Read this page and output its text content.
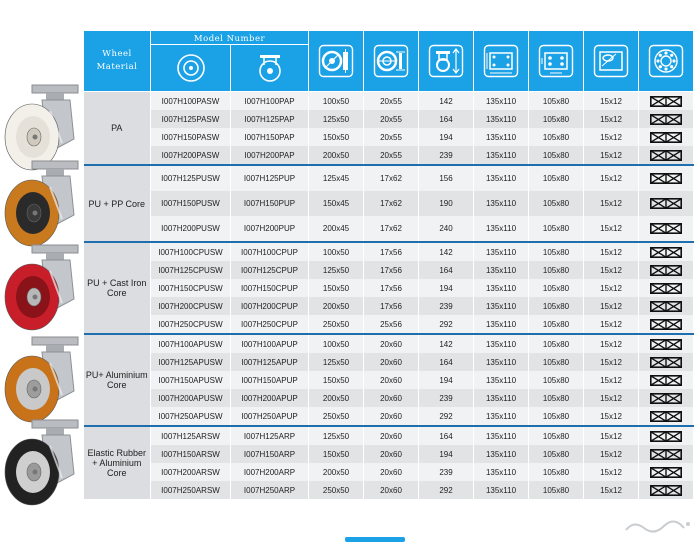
Wheel
Material	Model Number	

PA	I007H100PASW	I007H100PAP	100x50	20x55	142	135x110	105x80	15x12	
	I007H125PASW	I007H125PAP	125x50	20x55	164	135x110	105x80	15x12	
	I007H150PASW	I007H150PAP	150x50	20x55	194	135x110	105x80	15x12	
	I007H200PASW	I007H200PAP	200x50	20x55	239	135x110	105x80	15x12	

PU + PP Core	I007H125PUSW	I007H125PUP	125x45	17x62	156	135x110	105x80	15x12	
	I007H150PUSW	I007H150PUP	150x45	17x62	190	135x110	105x80	15x12	
	I007H200PUSW	I007H200PUP	200x45	17x62	240	135x110	105x80	15x12	

PU + Cast Iron Core	I007H100CPUSW	I007H100CPUP	100x50	17x56	142	135x110	105x80	15x12	
	I007H125CPUSW	I007H125CPUP	125x50	17x56	164	135x110	105x80	15x12	
	I007H150CPUSW	I007H150CPUP	150x50	17x56	194	135x110	105x80	15x12	
	I007H200CPUSW	I007H200CPUP	200x50	17x56	239	135x110	105x80	15x12	
	I007H250CPUSW	I007H250CPUP	250x50	25x56	292	135x110	105x80	15x12	

PU+ Aluminium Core	I007H100APUSW	I007H100APUP	100x50	20x60	142	135x110	105x80	15x12	
	I007H125APUSW	I007H125APUP	125x50	20x60	164	135x110	105x80	15x12	
	I007H150APUSW	I007H150APUP	150x50	20x60	194	135x110	105x80	15x12	
	I007H200APUSW	I007H200APUP	200x50	20x60	239	135x110	105x80	15x12	
	I007H250APUSW	I007H250APUP	250x50	20x60	292	135x110	105x80	15x12	

Elastic Rubber + Aluminium Core	I007H125ARSW	I007H125ARP	125x50	20x60	164	135x110	105x80	15x12	
	I007H150ARSW	I007H150ARP	150x50	20x60	194	135x110	105x80	15x12	
	I007H200ARSW	I007H200ARP	200x50	20x60	239	135x110	105x80	15x12	
	I007H250ARSW	I007H250ARP	250x50	20x60	292	135x110	105x80	15x12	
